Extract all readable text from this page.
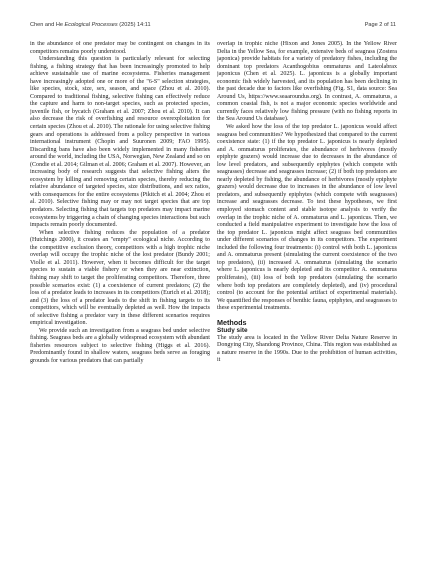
Chen and He Ecological Processes (2025) 14:11	Page 2 of 11

in the abundance of one predator may be contingent on changes in its competitors remains poorly understood.

Understanding this question is particularly relevant for selecting fishing, a fishing strategy that has been increasingly promoted to help achieve sustainable use of marine ecosystems. Fisheries management have increasingly adopted one or more of the "6-S" selection strategies, like species, stock, size, sex, season, and space (Zhou et al. 2010). Compared to traditional fishing, selective fishing can effectively reduce the capture and harm to non-target species, such as protected species, juvenile fish, or bycatch (Graham et al. 2007; Zhou et al. 2010). It can also decrease the risk of overfishing and resource overexploitation for certain species (Zhou et al. 2010). The rationale for using selective fishing gears and operations is addressed from a policy perspective in various international instrument (Chopin and Suuronen 2009; FAO 1995). Discarding bans have also been widely implemented in many fisheries around the world, including the USA, Norwegian, New Zealand and so on (Condie et al. 2014; Gilman et al. 2006; Graham et al. 2007). However, an increasing body of research suggests that selective fishing alters the ecosystem by killing and removing certain species, thereby reducing the relative abundance of targeted species, size distributions, and sex ratios, with consequences for the entire ecosystems (Pikitch et al. 2004; Zhou et al. 2010). Selective fishing may or may not target species that are top predators. Selecting fishing that targets top predators may impact marine ecosystems by triggering a chain of changing species interactions but such impacts remain poorly documented.

When selective fishing reduces the population of a predator (Hutchings 2000), it creates an "empty" ecological niche. According to the competitive exclusion theory, competitors with a high trophic niche overlap will occupy the trophic niche of the lost predator (Bundy 2001; Violle et al. 2011). However, when it becomes difficult for the target species to sustain a viable fishery or when they are near extinction, fishing may shift to target the proliferating competitors. Therefore, three possible scenarios exist: (1) a coexistence of current predators; (2) the loss of a predator leads to increases in its competitors (Eurich et al. 2018); and (3) the loss of a predator leads to the shift in fishing targets to its competitors, which will be eventually depleted as well. How the impacts of selective fishing a predator vary in these different scenarios requires empirical investigation.

We provide such an investigation from a seagrass bed under selective fishing. Seagrass beds are a globally widespread ecosystem with abundant fisheries resources subject to selective fishing (Higgs et al. 2016). Predominantly found in shallow waters, seagrass beds serve as foraging grounds for various predators that can partially

overlap in trophic niche (Hixon and Jones 2005). In the Yellow River Delta in the Yellow Sea, for example, extensive beds of seagrass (Zostera japonica) provide habitats for a variety of predatory fishes, including the dominant top predators Acanthogobius ommaturus and Lateolabrax japonicus (Chen et al. 2025). L. japonicus is a globally important economic fish widely harvested, and its population has been declining in the past decade due to factors like overfishing (Fig. S1, data source: Sea Around Us, https://www.seaaroundus.org). In contrast, A. ommaturus, a common coastal fish, is not a major economic species worldwide and currently faces relatively low fishing pressure (with no fishing reports in the Sea Around Us database).

We asked how the loss of the top predator L. japonicus would affect seagrass bed communities? We hypothesized that compared to the current coexistence state: (1) if the top predator L. japonicus is nearly depleted and A. ommaturus proliferates, the abundance of herbivores (mostly epiphyte grazers) would increase due to decreases in the abundance of low level predators, and subsequently epiphytes (which compete with seagrasses) decrease and seagrasses increase; (2) if both top predators are nearly depleted by fishing, the abundance of herbivores (mostly epiphyte grazers) would decrease due to increases in the abundance of low level predators, and subsequently epiphytes (which compete with seagrasses) increase and seagrasses decrease. To test these hypotheses, we first employed stomach content and stable isotope analysis to verify the overlap in the trophic niche of A. ommaturus and L. japonicus. Then, we conducted a field manipulative experiment to investigate how the loss of the top predator L. japonicus might affect seagrass bed communities under different scenarios of changes in its competitors. The experiment included the following four treatments: (i) control with both L. japonicus and A. ommaturus present (simulating the current coexistence of the two top predators), (ii) increased A. ommaturus (simulating the scenario where L. japonicus is nearly depleted and its competitor A. ommaturus proliferates), (iii) loss of both top predators (simulating the scenario where both top predators are completely depleted), and (iv) procedural control (to account for the potential artifact of experimental materials). We quantified the responses of benthic fauna, epiphytes, and seagrasses to these experimental treatments.

Methods
Study site

The study area is located in the Yellow River Delta Nature Reserve in Dongying City, Shandong Province, China. This region was established as a nature reserve in the 1990s. Due to the prohibition of human activities, it
